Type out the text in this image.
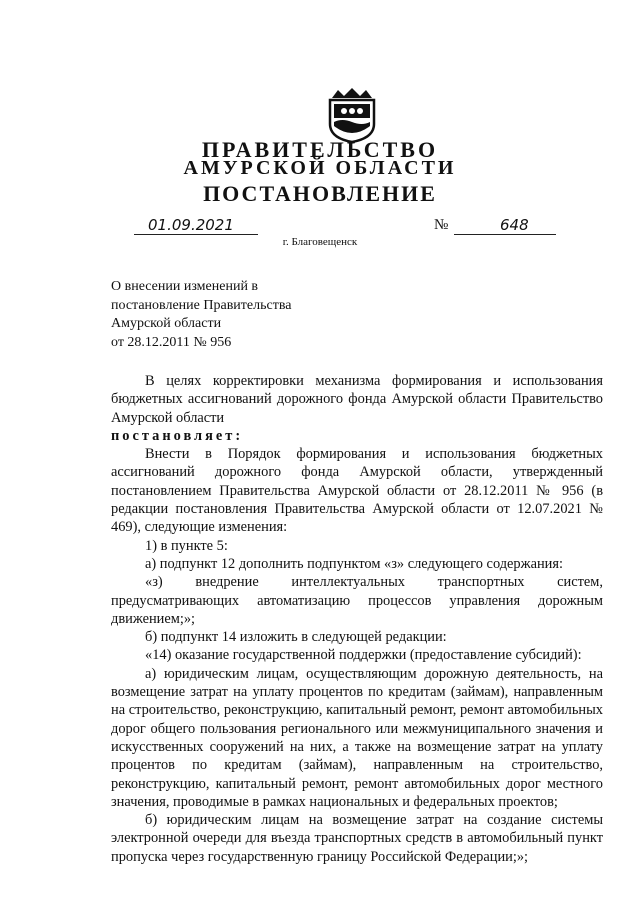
ПРАВИТЕЛЬСТВО
АМУРСКОЙ ОБЛАСТИ
ПОСТАНОВЛЕНИЕ
01.09.2021	№	648
г. Благовещенск
О внесении изменений в
постановление Правительства
Амурской области
от 28.12.2011 № 956

В целях корректировки механизма формирования и использования бюджетных ассигнований дорожного фонда Амурской области Правительство Амурской области

постановляет:

Внести в Порядок формирования и использования бюджетных ассигнований дорожного фонда Амурской области, утвержденный постановлением Правительства Амурской области от 28.12.2011 № 956 (в редакции постановления Правительства Амурской области от 12.07.2021 № 469), следующие изменения:

1) в пункте 5:

а) подпункт 12 дополнить подпунктом «з» следующего содержания:

«з) внедрение интеллектуальных транспортных систем, предусматривающих автоматизацию процессов управления дорожным движением;»;

б) подпункт 14 изложить в следующей редакции:

«14) оказание государственной поддержки (предоставление субсидий):

а) юридическим лицам, осуществляющим дорожную деятельность, на возмещение затрат на уплату процентов по кредитам (займам), направленным на строительство, реконструкцию, капитальный ремонт, ремонт автомобильных дорог общего пользования регионального или межмуниципального значения и искусственных сооружений на них, а также на возмещение затрат на уплату процентов по кредитам (займам), направленным на строительство, реконструкцию, капитальный ремонт, ремонт автомобильных дорог местного значения, проводимые в рамках национальных и федеральных проектов;

б) юридическим лицам на возмещение затрат на создание системы электронной очереди для въезда транспортных средств в автомобильный пункт пропуска через государственную границу Российской Федерации;»;
